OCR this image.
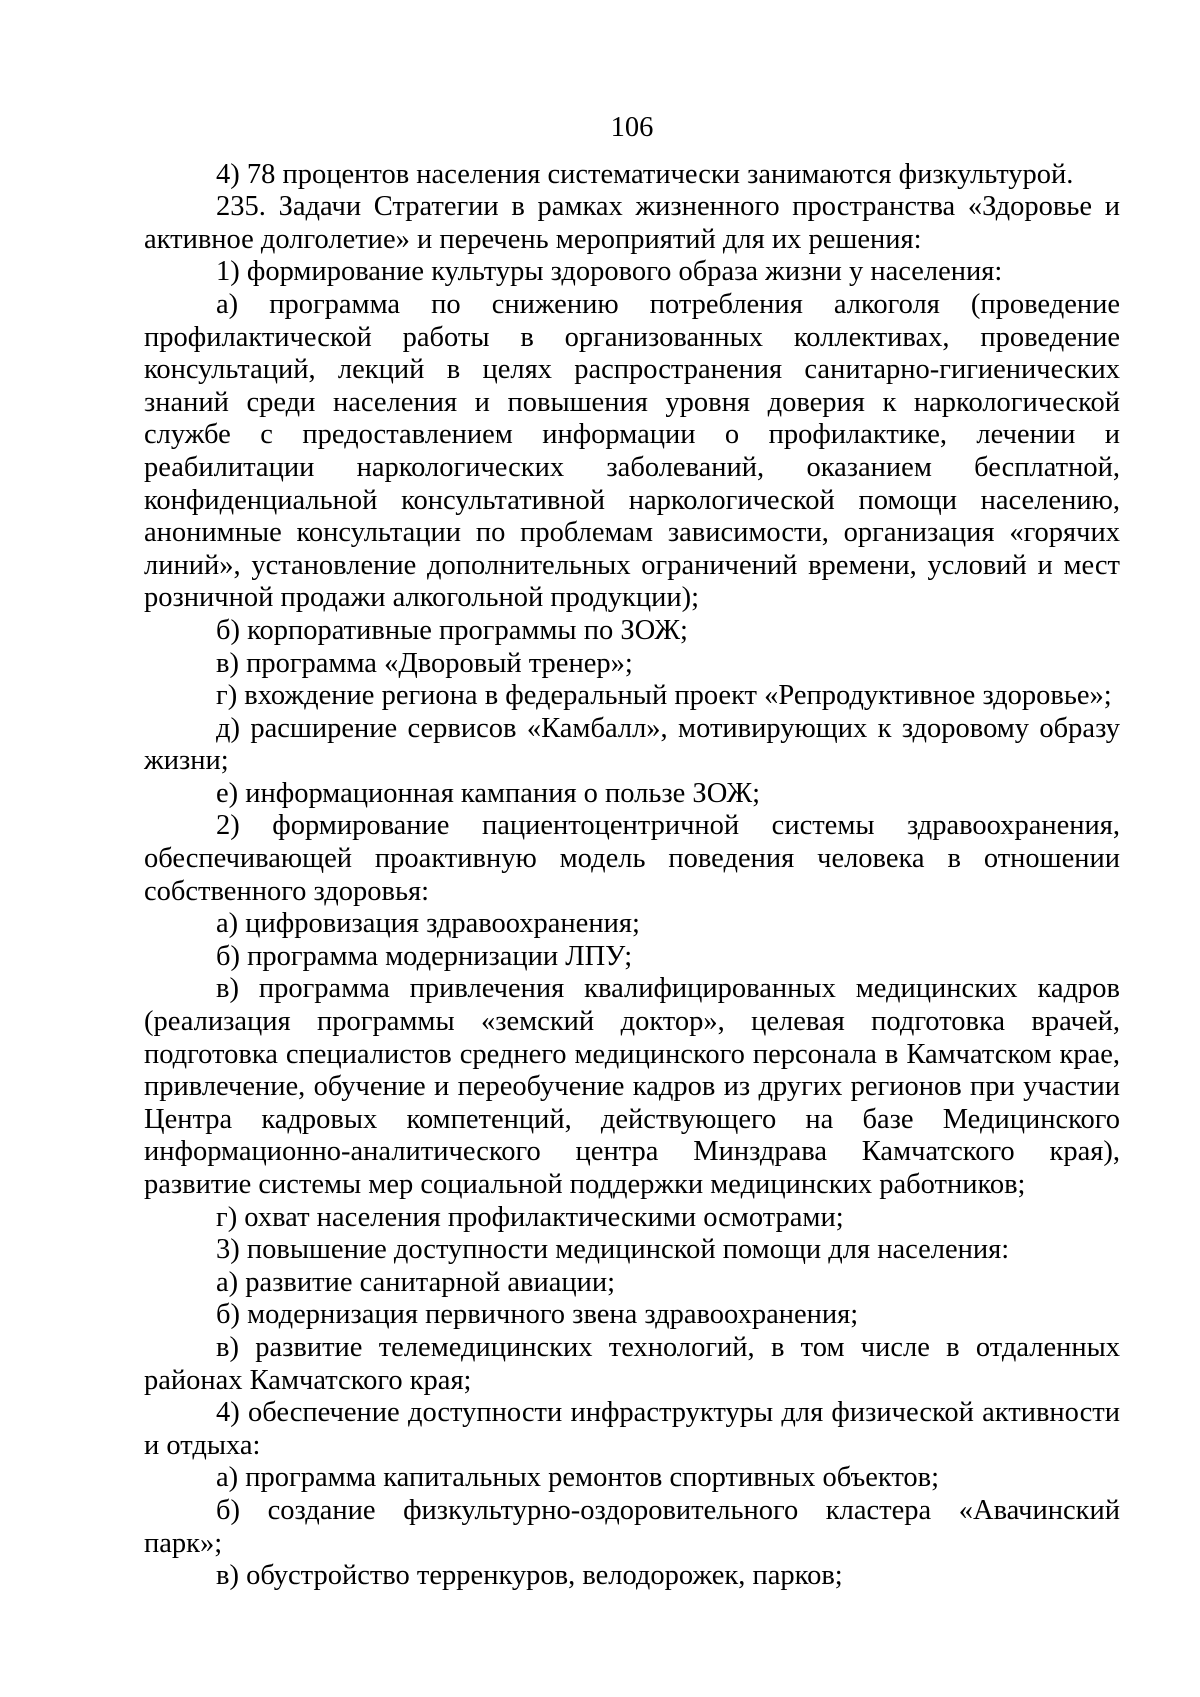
106

4) 78 процентов населения систематически занимаются физкультурой.

235. Задачи Стратегии в рамках жизненного пространства «Здоровье и активное долголетие» и перечень мероприятий для их решения:

1) формирование культуры здорового образа жизни у населения:

а) программа по снижению потребления алкоголя (проведение профилактической работы в организованных коллективах, проведение консультаций, лекций в целях распространения санитарно-гигиенических знаний среди населения и повышения уровня доверия к наркологической службе с предоставлением информации о профилактике, лечении и реабилитации наркологических заболеваний, оказанием бесплатной, конфиденциальной консультативной наркологической помощи населению, анонимные консультации по проблемам зависимости, организация «горячих линий», установление дополнительных ограничений времени, условий и мест розничной продажи алкогольной продукции);

б) корпоративные программы по ЗОЖ;

в) программа «Дворовый тренер»;

г) вхождение региона в федеральный проект «Репродуктивное здоровье»;

д) расширение сервисов «Камбалл», мотивирующих к здоровому образу жизни;

е) информационная кампания о пользе ЗОЖ;

2) формирование пациентоцентричной системы здравоохранения, обеспечивающей проактивную модель поведения человека в отношении собственного здоровья:

а) цифровизация здравоохранения;

б) программа модернизации ЛПУ;

в) программа привлечения квалифицированных медицинских кадров (реализация программы «земский доктор», целевая подготовка врачей, подготовка специалистов среднего медицинского персонала в Камчатском крае, привлечение, обучение и переобучение кадров из других регионов при участии Центра кадровых компетенций, действующего на базе Медицинского информационно-аналитического центра Минздрава Камчатского края), развитие системы мер социальной поддержки медицинских работников;

г) охват населения профилактическими осмотрами;

3) повышение доступности медицинской помощи для населения:

а) развитие санитарной авиации;

б) модернизация первичного звена здравоохранения;

в) развитие телемедицинских технологий, в том числе в отдаленных районах Камчатского края;

4) обеспечение доступности инфраструктуры для физической активности и отдыха:

а) программа капитальных ремонтов спортивных объектов;

б) создание физкультурно-оздоровительного кластера «Авачинский парк»;

в) обустройство терренкуров, велодорожек, парков;
